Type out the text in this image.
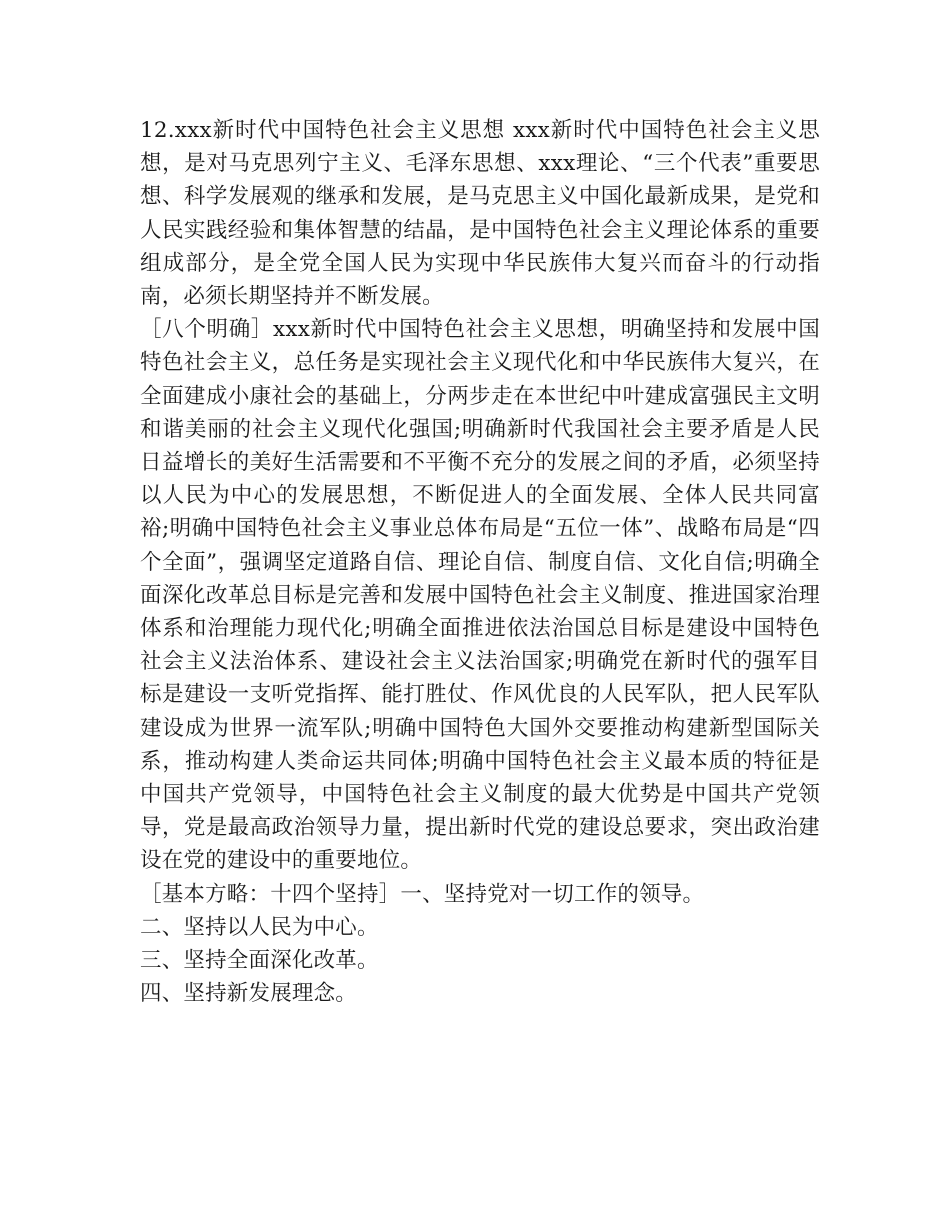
12.xxx新时代中国特色社会主义思想 xxx新时代中国特色社会主义思想，是对马克思列宁主义、毛泽东思想、xxx理论、“三个代表”重要思想、科学发展观的继承和发展，是马克思主义中国化最新成果，是党和人民实践经验和集体智慧的结晶，是中国特色社会主义理论体系的重要组成部分，是全党全国人民为实现中华民族伟大复兴而奋斗的行动指南，必须长期坚持并不断发展。

［八个明确］xxx新时代中国特色社会主义思想，明确坚持和发展中国特色社会主义，总任务是实现社会主义现代化和中华民族伟大复兴，在全面建成小康社会的基础上，分两步走在本世纪中叶建成富强民主文明和谐美丽的社会主义现代化强国;明确新时代我国社会主要矛盾是人民日益增长的美好生活需要和不平衡不充分的发展之间的矛盾，必须坚持以人民为中心的发展思想，不断促进人的全面发展、全体人民共同富裕;明确中国特色社会主义事业总体布局是“五位一体”、战略布局是“四个全面”，强调坚定道路自信、理论自信、制度自信、文化自信;明确全面深化改革总目标是完善和发展中国特色社会主义制度、推进国家治理体系和治理能力现代化;明确全面推进依法治国总目标是建设中国特色社会主义法治体系、建设社会主义法治国家;明确党在新时代的强军目标是建设一支听党指挥、能打胜仗、作风优良的人民军队，把人民军队建设成为世界一流军队;明确中国特色大国外交要推动构建新型国际关系，推动构建人类命运共同体;明确中国特色社会主义最本质的特征是中国共产党领导，中国特色社会主义制度的最大优势是中国共产党领导，党是最高政治领导力量，提出新时代党的建设总要求，突出政治建设在党的建设中的重要地位。

［基本方略：十四个坚持］一、坚持党对一切工作的领导。

二、坚持以人民为中心。

三、坚持全面深化改革。

四、坚持新发展理念。
